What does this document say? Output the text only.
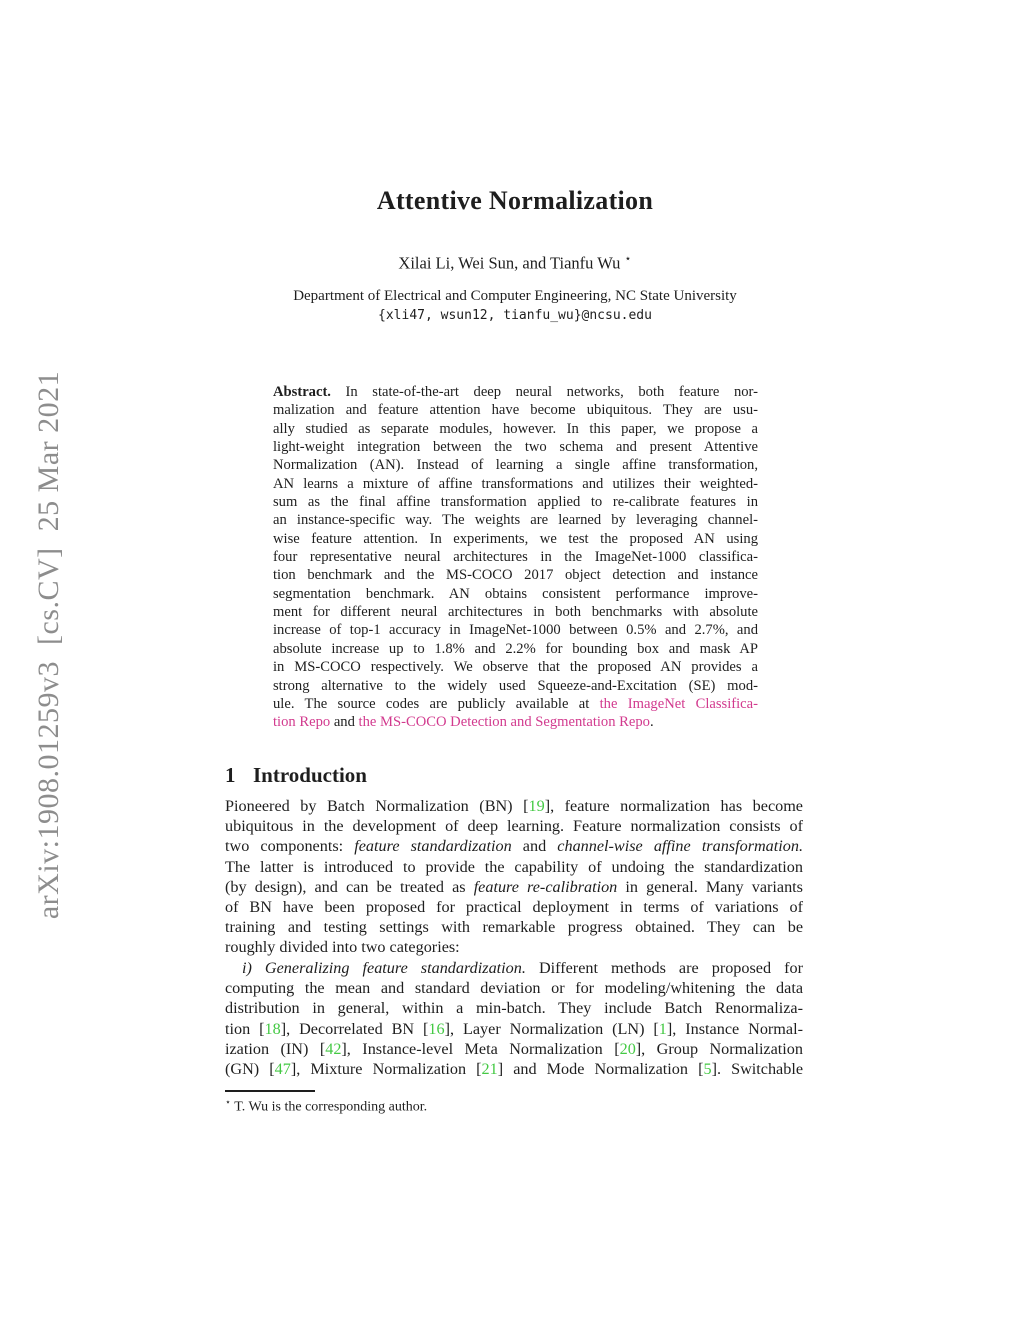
arXiv:1908.01259v3  [cs.CV]  25 Mar 2021
Attentive Normalization
Xilai Li, Wei Sun, and Tianfu Wu ⋆
Department of Electrical and Computer Engineering, NC State University
{xli47, wsun12, tianfu_wu}@ncsu.edu
Abstract. In state-of-the-art deep neural networks, both feature nor-
malization and feature attention have become ubiquitous. They are usu-
ally studied as separate modules, however. In this paper, we propose a
light-weight integration between the two schema and present Attentive
Normalization (AN). Instead of learning a single affine transformation,
AN learns a mixture of affine transformations and utilizes their weighted-
sum as the final affine transformation applied to re-calibrate features in
an instance-specific way. The weights are learned by leveraging channel-
wise feature attention. In experiments, we test the proposed AN using
four representative neural architectures in the ImageNet-1000 classifica-
tion benchmark and the MS-COCO 2017 object detection and instance
segmentation benchmark. AN obtains consistent performance improve-
ment for different neural architectures in both benchmarks with absolute
increase of top-1 accuracy in ImageNet-1000 between 0.5% and 2.7%, and
absolute increase up to 1.8% and 2.2% for bounding box and mask AP
in MS-COCO respectively. We observe that the proposed AN provides a
strong alternative to the widely used Squeeze-and-Excitation (SE) mod-
ule. The source codes are publicly available at the ImageNet Classifica-
tion Repo and the MS-COCO Detection and Segmentation Repo.
1 Introduction
Pioneered by Batch Normalization (BN) [19], feature normalization has become
ubiquitous in the development of deep learning. Feature normalization consists of
two components: feature standardization and channel-wise affine transformation.
The latter is introduced to provide the capability of undoing the standardization
(by design), and can be treated as feature re-calibration in general. Many variants
of BN have been proposed for practical deployment in terms of variations of
training and testing settings with remarkable progress obtained. They can be
roughly divided into two categories:
i) Generalizing feature standardization. Different methods are proposed for
computing the mean and standard deviation or for modeling/whitening the data
distribution in general, within a min-batch. They include Batch Renormaliza-
tion [18], Decorrelated BN [16], Layer Normalization (LN) [1], Instance Normal-
ization (IN) [42], Instance-level Meta Normalization [20], Group Normalization
(GN) [47], Mixture Normalization [21] and Mode Normalization [5]. Switchable
⋆ T. Wu is the corresponding author.
